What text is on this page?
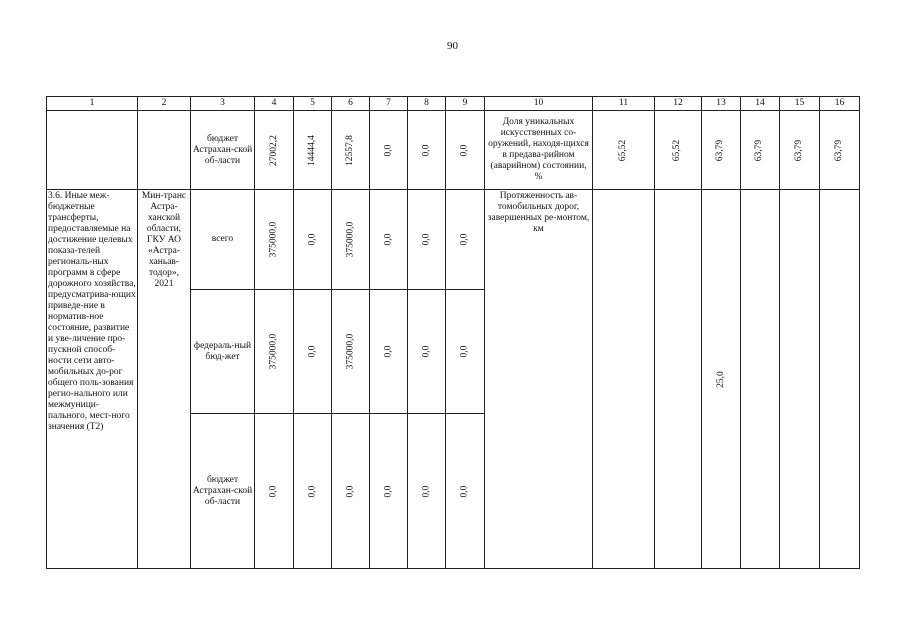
90
1	2	3	4	5	6	7	8	9	10	11	12	13	14	15	16
		бюджет Астрахан-ской об-ласти	27002,2	14444,4	12557,8	0,0	0,0	0,0	Доля уникальных искусственных со-оружений, находя-щихся в предава-рийном (аварийном) состоянии, %	65,52	65,52	63,79	63,79	63,79	63,79
3.6. Иные меж-бюджетные трансферты, предоставляемые на достижение целевых показа-телей региональ-ных программ в сфере дорожного хозяйства, предусматрива-ющих приведе-ние в норматив-ное состояние, развитие и уве-личение про-пускной способ-ности сети авто-мобильных до-рог общего поль-зования регио-нального или межмуници-пального, мест-ного значения (Т2)	Мин-транс Астра-ханской области, ГКУ АО «Астра-ханьав-тодор», 2021	всего	375000,0	0,0	375000,0	0,0	0,0	0,0	Протяженность ав-томобильных дорог, завершенных ре-монтом, км			25,0			
		федераль-ный бюд-жет	375000,0	0,0	375000,0	0,0	0,0	0,0							
		бюджет Астрахан-ской об-ласти	0,0	0,0	0,0	0,0	0,0	0,0							
